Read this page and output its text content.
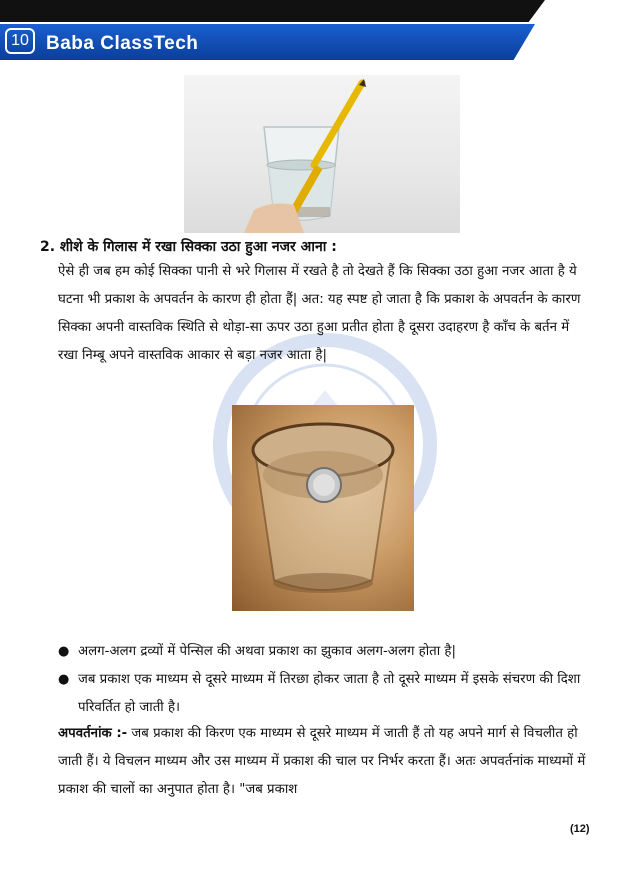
10 Baba ClassTech
2. शीशे के गिलास में रखा सिक्का उठा हुआ नजर आना :
ऐसे ही जब हम कोई सिक्का पानी से भरे गिलास में रखते है तो देखते हैं कि सिक्का उठा हुआ नजर आता है ये घटना भी प्रकाश के अपवर्तन के कारण ही होता हैं| अत: यह स्पष्ट हो जाता है कि प्रकाश के अपवर्तन के कारण सिक्का अपनी वास्तविक स्थिति से थोड़ा-सा ऊपर उठा हुआ प्रतीत होता है दूसरा उदाहरण है काँच के बर्तन में रखा निम्बू अपने वास्तविक आकार से बड़ा नजर आता है|
● अलग-अलग द्रव्यों में पेन्सिल की अथवा प्रकाश का झुकाव अलग-अलग होता है|
● जब प्रकाश एक माध्यम से दूसरे माध्यम में तिरछा होकर जाता है तो दूसरे माध्यम में इसके संचरण की दिशा परिवर्तित हो जाती है।
अपवर्तनांक :- जब प्रकाश की किरण एक माध्यम से दूसरे माध्यम में जाती हैं तो यह अपने मार्ग से विचलीत हो जाती हैं। ये विचलन माध्यम और उस माध्यम में प्रकाश की चाल पर निर्भर करता हैं। अतः अपवर्तनांक माध्यमों में प्रकाश की चालों का अनुपात होता है। "जब प्रकाश
(12)
